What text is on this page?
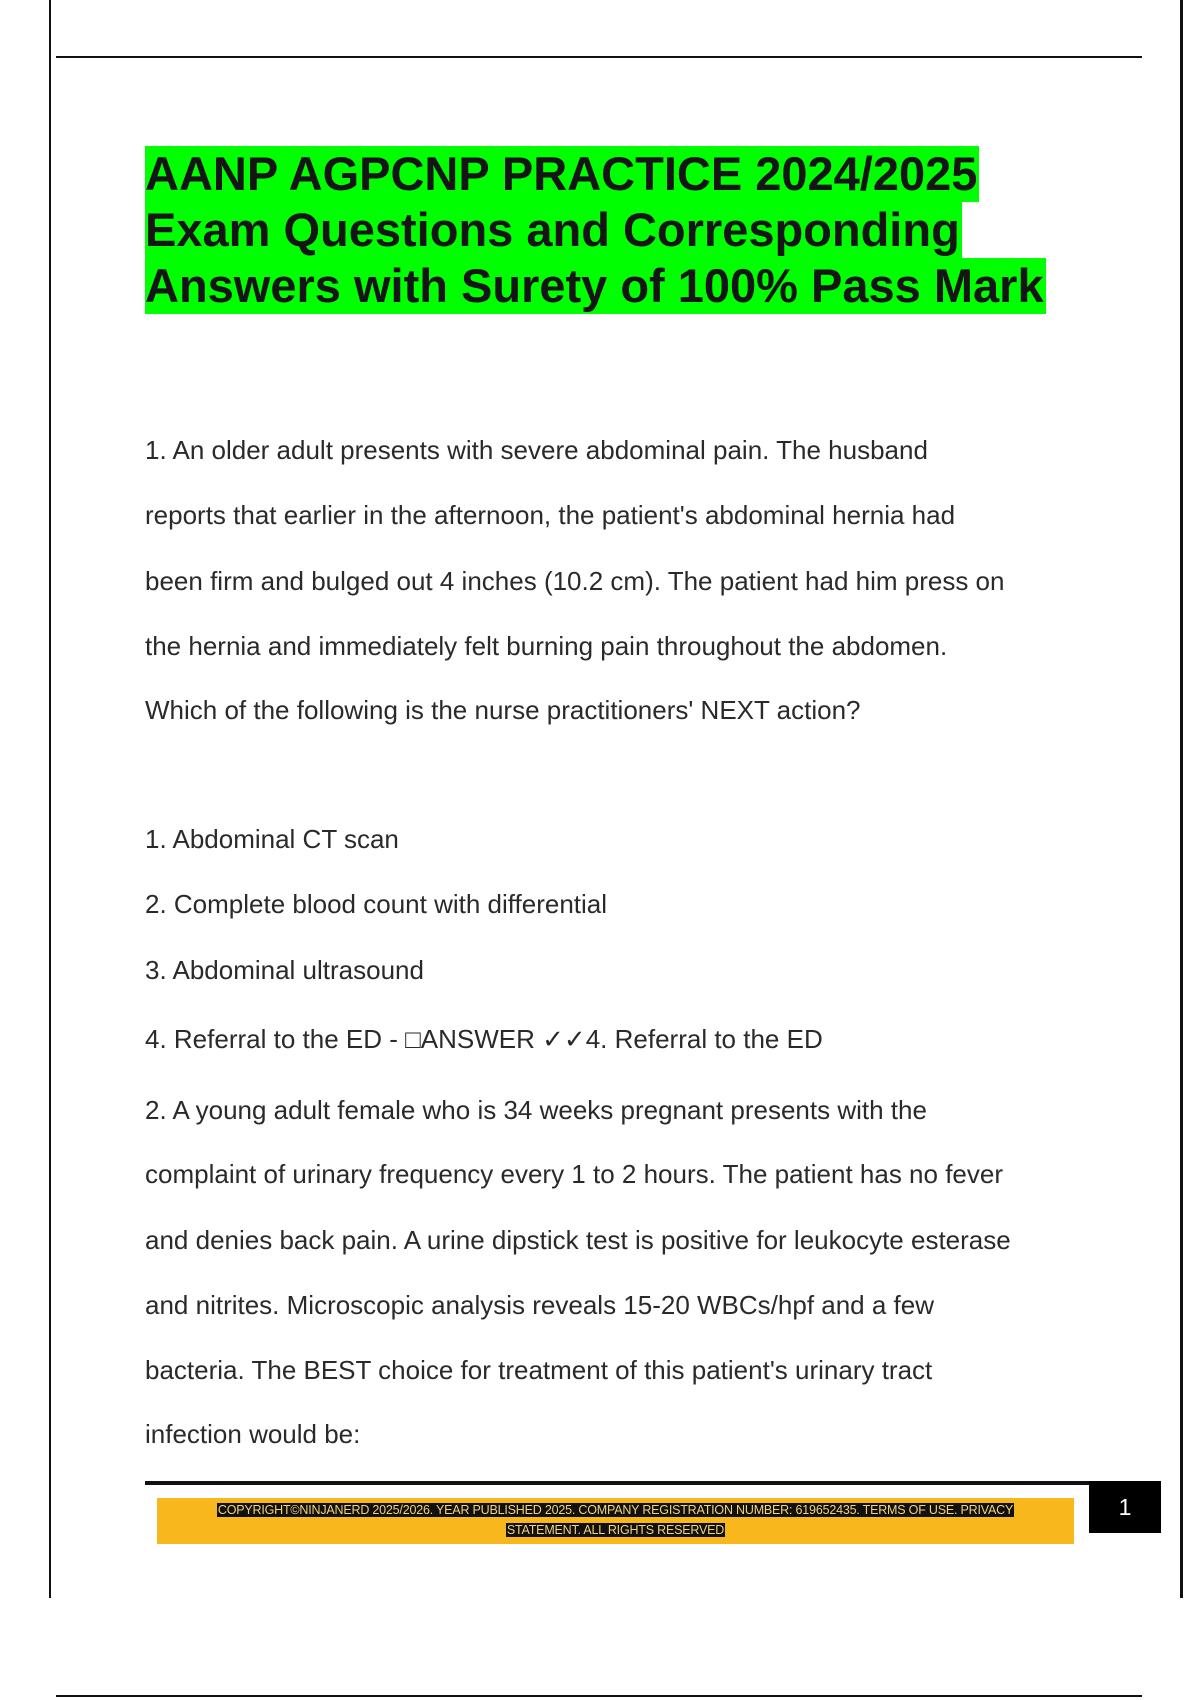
AANP AGPCNP PRACTICE 2024/2025
Exam Questions and Corresponding
Answers with Surety of 100% Pass Mark
1. An older adult presents with severe abdominal pain. The husband
reports that earlier in the afternoon, the patient's abdominal hernia had
been firm and bulged out 4 inches (10.2 cm). The patient had him press on
the hernia and immediately felt burning pain throughout the abdomen.
Which of the following is the nurse practitioners' NEXT action?
1. Abdominal CT scan
2. Complete blood count with differential
3. Abdominal ultrasound
4. Referral to the ED - □ANSWER ✓✓4. Referral to the ED
2. A young adult female who is 34 weeks pregnant presents with the
complaint of urinary frequency every 1 to 2 hours. The patient has no fever
and denies back pain. A urine dipstick test is positive for leukocyte esterase
and nitrites. Microscopic analysis reveals 15-20 WBCs/hpf and a few
bacteria. The BEST choice for treatment of this patient's urinary tract
infection would be:
COPYRIGHT©NINJANERD 2025/2026. YEAR PUBLISHED 2025. COMPANY REGISTRATION NUMBER: 619652435. TERMS OF USE. PRIVACY
STATEMENT. ALL RIGHTS RESERVED
1
